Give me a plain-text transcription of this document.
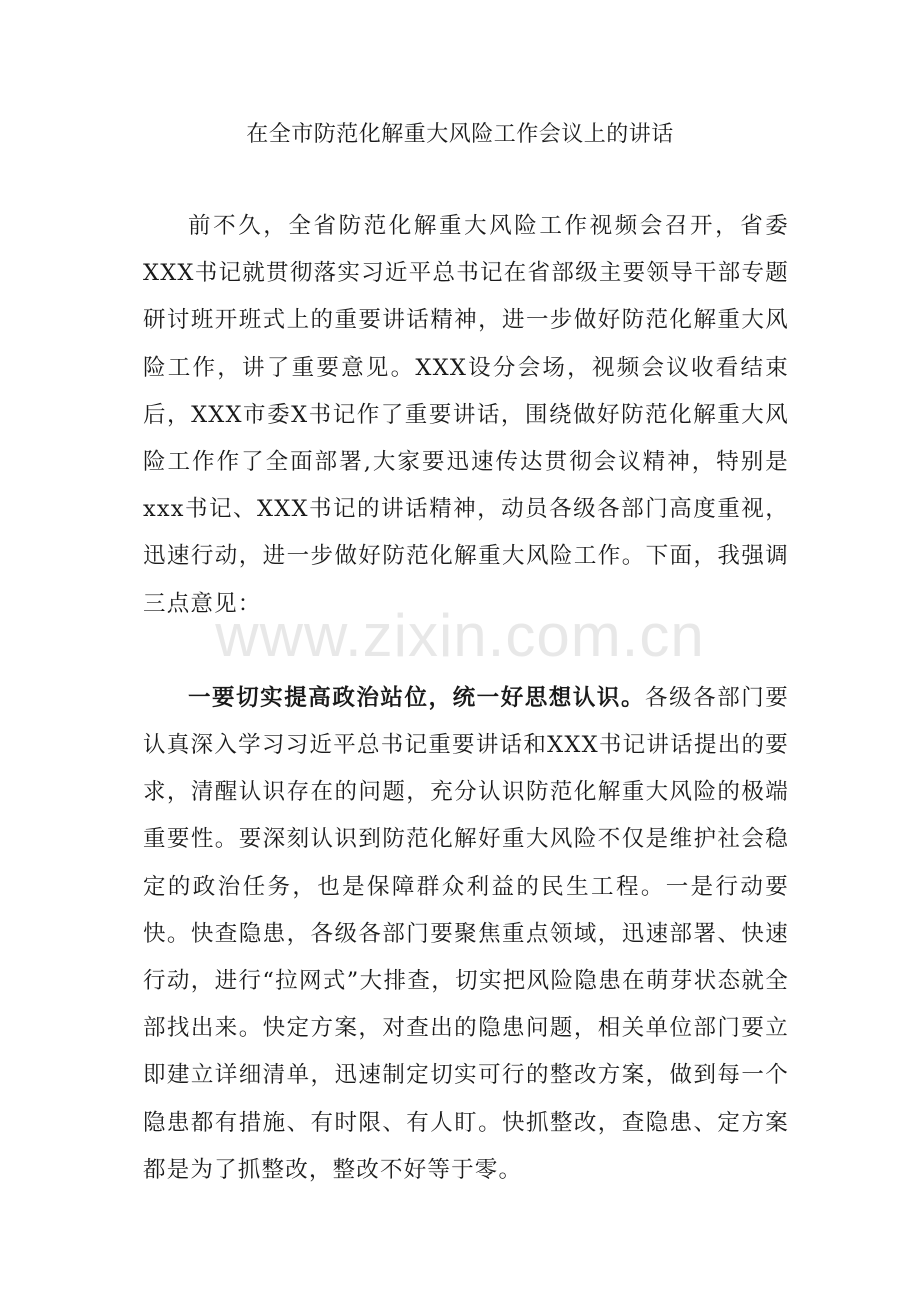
在全市防范化解重大风险工作会议上的讲话

前不久，全省防范化解重大风险工作视频会召开，省委XXX书记就贯彻落实习近平总书记在省部级主要领导干部专题研讨班开班式上的重要讲话精神，进一步做好防范化解重大风险工作，讲了重要意见。XXX设分会场，视频会议收看结束后，XXX市委X书记作了重要讲话，围绕做好防范化解重大风险工作作了全面部署,大家要迅速传达贯彻会议精神，特别是xxx书记、XXX书记的讲话精神，动员各级各部门高度重视，迅速行动，进一步做好防范化解重大风险工作。下面，我强调三点意见：

一要切实提高政治站位，统一好思想认识。各级各部门要认真深入学习习近平总书记重要讲话和XXX书记讲话提出的要求，清醒认识存在的问题，充分认识防范化解重大风险的极端重要性。要深刻认识到防范化解好重大风险不仅是维护社会稳定的政治任务，也是保障群众利益的民生工程。一是行动要快。快查隐患，各级各部门要聚焦重点领域，迅速部署、快速行动，进行“拉网式”大排查，切实把风险隐患在萌芽状态就全部找出来。快定方案，对查出的隐患问题，相关单位部门要立即建立详细清单，迅速制定切实可行的整改方案，做到每一个隐患都有措施、有时限、有人盯。快抓整改，查隐患、定方案都是为了抓整改，整改不好等于零。

www.zixin.com.cn
